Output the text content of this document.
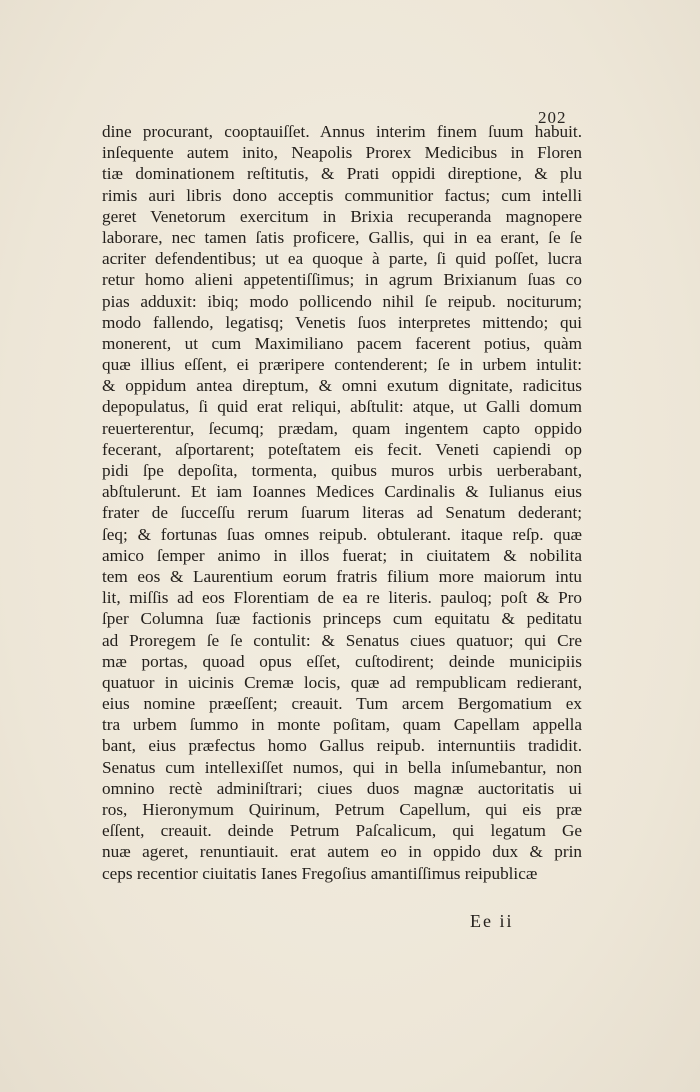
202
dine procurant, cooptauiſſet. Annus interim finem ſuum habuit.
inſequente autem inito, Neapolis Prorex Medicibus in Floren
tiæ dominationem reſtitutis, & Prati oppidi direptione, & plu
rimis auri libris dono acceptis communitior factus; cum intelli
geret Venetorum exercitum in Brixia recuperanda magnopere
laborare, nec tamen ſatis proficere, Gallis, qui in ea erant, ſe ſe
acriter defendentibus; ut ea quoque à parte, ſi quid poſſet, lucra
retur homo alieni appetentiſſimus; in agrum Brixianum ſuas co
pias adduxit: ibiq; modo pollicendo nihil ſe reipub. nociturum;
modo fallendo, legatisq; Venetis ſuos interpretes mittendo; qui
monerent, ut cum Maximiliano pacem facerent potius, quàm
quæ illius eſſent, ei præripere contenderent; ſe in urbem intulit:
& oppidum antea direptum, & omni exutum dignitate, radicitus
depopulatus, ſi quid erat reliqui, abſtulit: atque, ut Galli domum
reuerterentur, ſecumq; prædam, quam ingentem capto oppido
fecerant, aſportarent; poteſtatem eis fecit. Veneti capiendi op
pidi ſpe depoſita, tormenta, quibus muros urbis uerberabant,
abſtulerunt. Et iam Ioannes Medices Cardinalis & Iulianus eius
frater de ſucceſſu rerum ſuarum literas ad Senatum dederant;
ſeq; & fortunas ſuas omnes reipub. obtulerant. itaque reſp. quæ
amico ſemper animo in illos fuerat; in ciuitatem & nobilita
tem eos & Laurentium eorum fratris filium more maiorum intu
lit, miſſis ad eos Florentiam de ea re literis. pauloq; poſt & Pro
ſper Columna ſuæ factionis princeps cum equitatu & peditatu
ad Proregem ſe ſe contulit: & Senatus ciues quatuor; qui Cre
mæ portas, quoad opus eſſet, cuſtodirent; deinde municipiis
quatuor in uicinis Cremæ locis, quæ ad rempublicam redierant,
eius nomine præeſſent; creauit. Tum arcem Bergomatium ex
tra urbem ſummo in monte poſitam, quam Capellam appella
bant, eius præfectus homo Gallus reipub. internuntiis tradidit.
Senatus cum intellexiſſet numos, qui in bella inſumebantur, non
omnino rectè adminiſtrari; ciues duos magnæ auctoritatis ui
ros, Hieronymum Quirinum, Petrum Capellum, qui eis præ
eſſent, creauit. deinde Petrum Paſcalicum, qui legatum Ge
nuæ ageret, renuntiauit. erat autem eo in oppido dux & prin
ceps recentior ciuitatis Ianes Fregoſius amantiſſimus reipublicæ
Ee ii
